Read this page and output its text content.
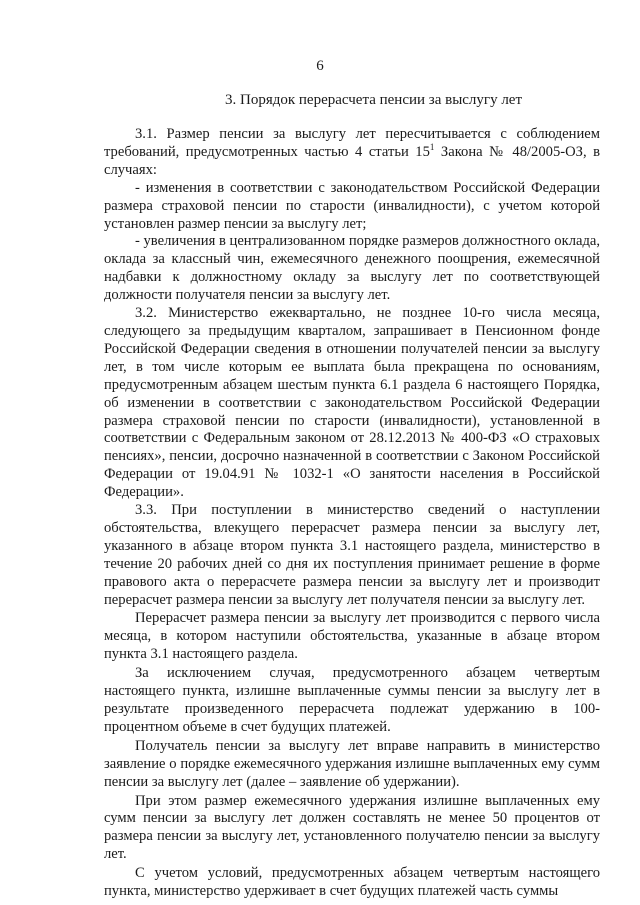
6
3. Порядок перерасчета пенсии за выслугу лет

3.1. Размер пенсии за выслугу лет пересчитывается с соблюдением требований, предусмотренных частью 4 статьи $15^1$ Закона № 48/2005-ОЗ, в случаях:

- изменения в соответствии с законодательством Российской Федерации размера страховой пенсии по старости (инвалидности), с учетом которой установлен размер пенсии за выслугу лет;

- увеличения в централизованном порядке размеров должностного оклада, оклада за классный чин, ежемесячного денежного поощрения, ежемесячной надбавки к должностному окладу за выслугу лет по соответствующей должности получателя пенсии за выслугу лет.

3.2. Министерство ежеквартально, не позднее 10-го числа месяца, следующего за предыдущим кварталом, запрашивает в Пенсионном фонде Российской Федерации сведения в отношении получателей пенсии за выслугу лет, в том числе которым ее выплата была прекращена по основаниям, предусмотренным абзацем шестым пункта 6.1 раздела 6 настоящего Порядка, об изменении в соответствии с законодательством Российской Федерации размера страховой пенсии по старости (инвалидности), установленной в соответствии с Федеральным законом от 28.12.2013 № 400-ФЗ «О страховых пенсиях», пенсии, досрочно назначенной в соответствии с Законом Российской Федерации от 19.04.91 № 1032-1 «О занятости населения в Российской Федерации».

3.3. При поступлении в министерство сведений о наступлении обстоятельства, влекущего перерасчет размера пенсии за выслугу лет, указанного в абзаце втором пункта 3.1 настоящего раздела, министерство в течение 20 рабочих дней со дня их поступления принимает решение в форме правового акта о перерасчете размера пенсии за выслугу лет и производит перерасчет размера пенсии за выслугу лет получателя пенсии за выслугу лет.

Перерасчет размера пенсии за выслугу лет производится с первого числа месяца, в котором наступили обстоятельства, указанные в абзаце втором пункта 3.1 настоящего раздела.

За исключением случая, предусмотренного абзацем четвертым настоящего пункта, излишне выплаченные суммы пенсии за выслугу лет в результате произведенного перерасчета подлежат удержанию в 100-процентном объеме в счет будущих платежей.

Получатель пенсии за выслугу лет вправе направить в министерство заявление о порядке ежемесячного удержания излишне выплаченных ему сумм пенсии за выслугу лет (далее – заявление об удержании).

При этом размер ежемесячного удержания излишне выплаченных ему сумм пенсии за выслугу лет должен составлять не менее 50 процентов от размера пенсии за выслугу лет, установленного получателю пенсии за выслугу лет.

С учетом условий, предусмотренных абзацем четвертым настоящего пункта, министерство удерживает в счет будущих платежей часть суммы
